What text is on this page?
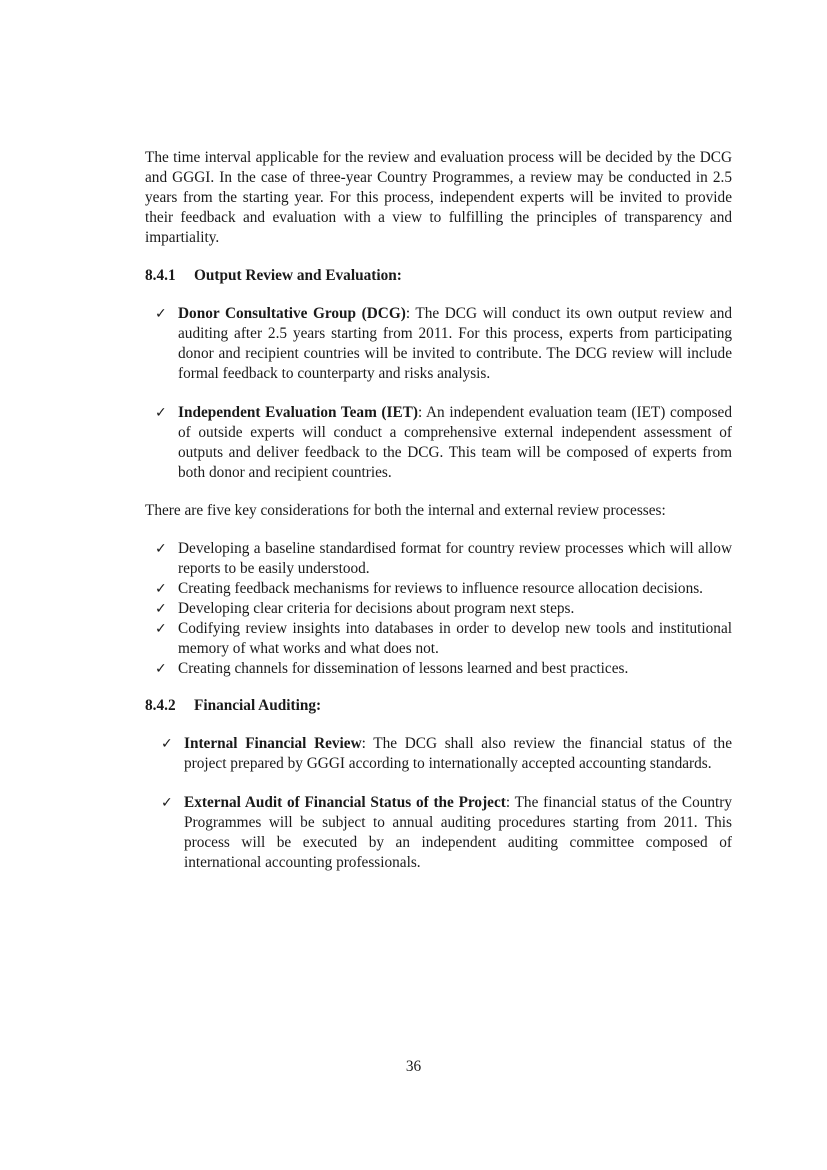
The time interval applicable for the review and evaluation process will be decided by the DCG and GGGI. In the case of three-year Country Programmes, a review may be conducted in 2.5 years from the starting year. For this process, independent experts will be invited to provide their feedback and evaluation with a view to fulfilling the principles of transparency and impartiality.

8.4.1 Output Review and Evaluation:
✓ Donor Consultative Group (DCG): The DCG will conduct its own output review and auditing after 2.5 years starting from 2011. For this process, experts from participating donor and recipient countries will be invited to contribute. The DCG review will include formal feedback to counterparty and risks analysis.
✓ Independent Evaluation Team (IET): An independent evaluation team (IET) composed of outside experts will conduct a comprehensive external independent assessment of outputs and deliver feedback to the DCG. This team will be composed of experts from both donor and recipient countries.

There are five key considerations for both the internal and external review processes:

✓ Developing a baseline standardised format for country review processes which will allow reports to be easily understood.
✓ Creating feedback mechanisms for reviews to influence resource allocation decisions.
✓ Developing clear criteria for decisions about program next steps.
✓ Codifying review insights into databases in order to develop new tools and institutional memory of what works and what does not.
✓ Creating channels for dissemination of lessons learned and best practices.
8.4.2 Financial Auditing:
✓ Internal Financial Review: The DCG shall also review the financial status of the project prepared by GGGI according to internationally accepted accounting standards.
✓ External Audit of Financial Status of the Project: The financial status of the Country Programmes will be subject to annual auditing procedures starting from 2011. This process will be executed by an independent auditing committee composed of international accounting professionals.
36
